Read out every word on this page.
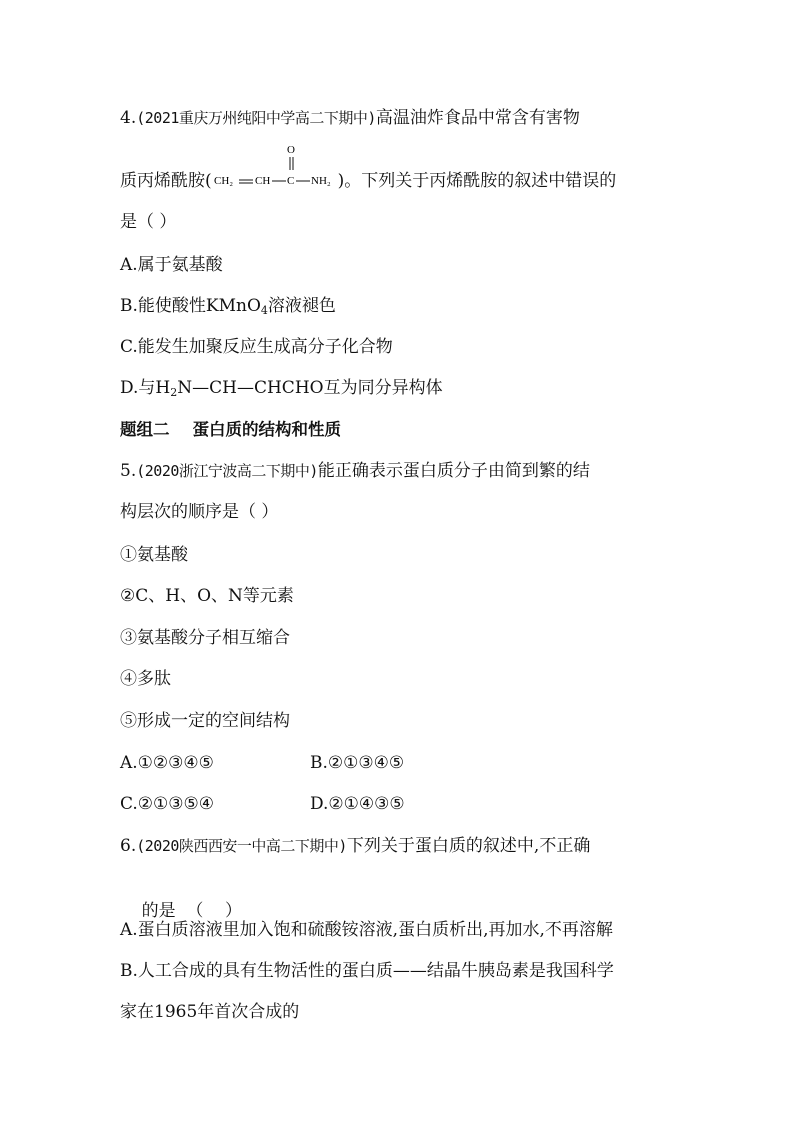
4.(2021重庆万州纯阳中学高二下期中)高温油炸食品中常含有害物
质丙烯酰胺(
O
CH₂ CH C NH₂ )。下列关于丙烯酰胺的叙述中错误的
是（ ）
A.属于氨基酸
B.能使酸性KMnO$_4$溶液褪色
C.能发生加聚反应生成高分子化合物
D.与$H_2N—CH—CHCHO$互为同分异构体
题组二    蛋白质的结构和性质
5.(2020浙江宁波高二下期中)能正确表示蛋白质分子由简到繁的结
构层次的顺序是（ ）
①氨基酸
②C、H、O、N等元素
③氨基酸分子相互缩合
④多肽
⑤形成一定的空间结构
A.①②③④⑤	B.②①③④⑤
C.②①③⑤④	D.②①④③⑤
6.(2020陕西西安一中高二下期中)下列关于蛋白质的叙述中,不正确

的是  （    ）

A.蛋白质溶液里加入饱和硫酸铵溶液,蛋白质析出,再加水,不再溶解
B.人工合成的具有生物活性的蛋白质——结晶牛胰岛素是我国科学
家在1965年首次合成的
